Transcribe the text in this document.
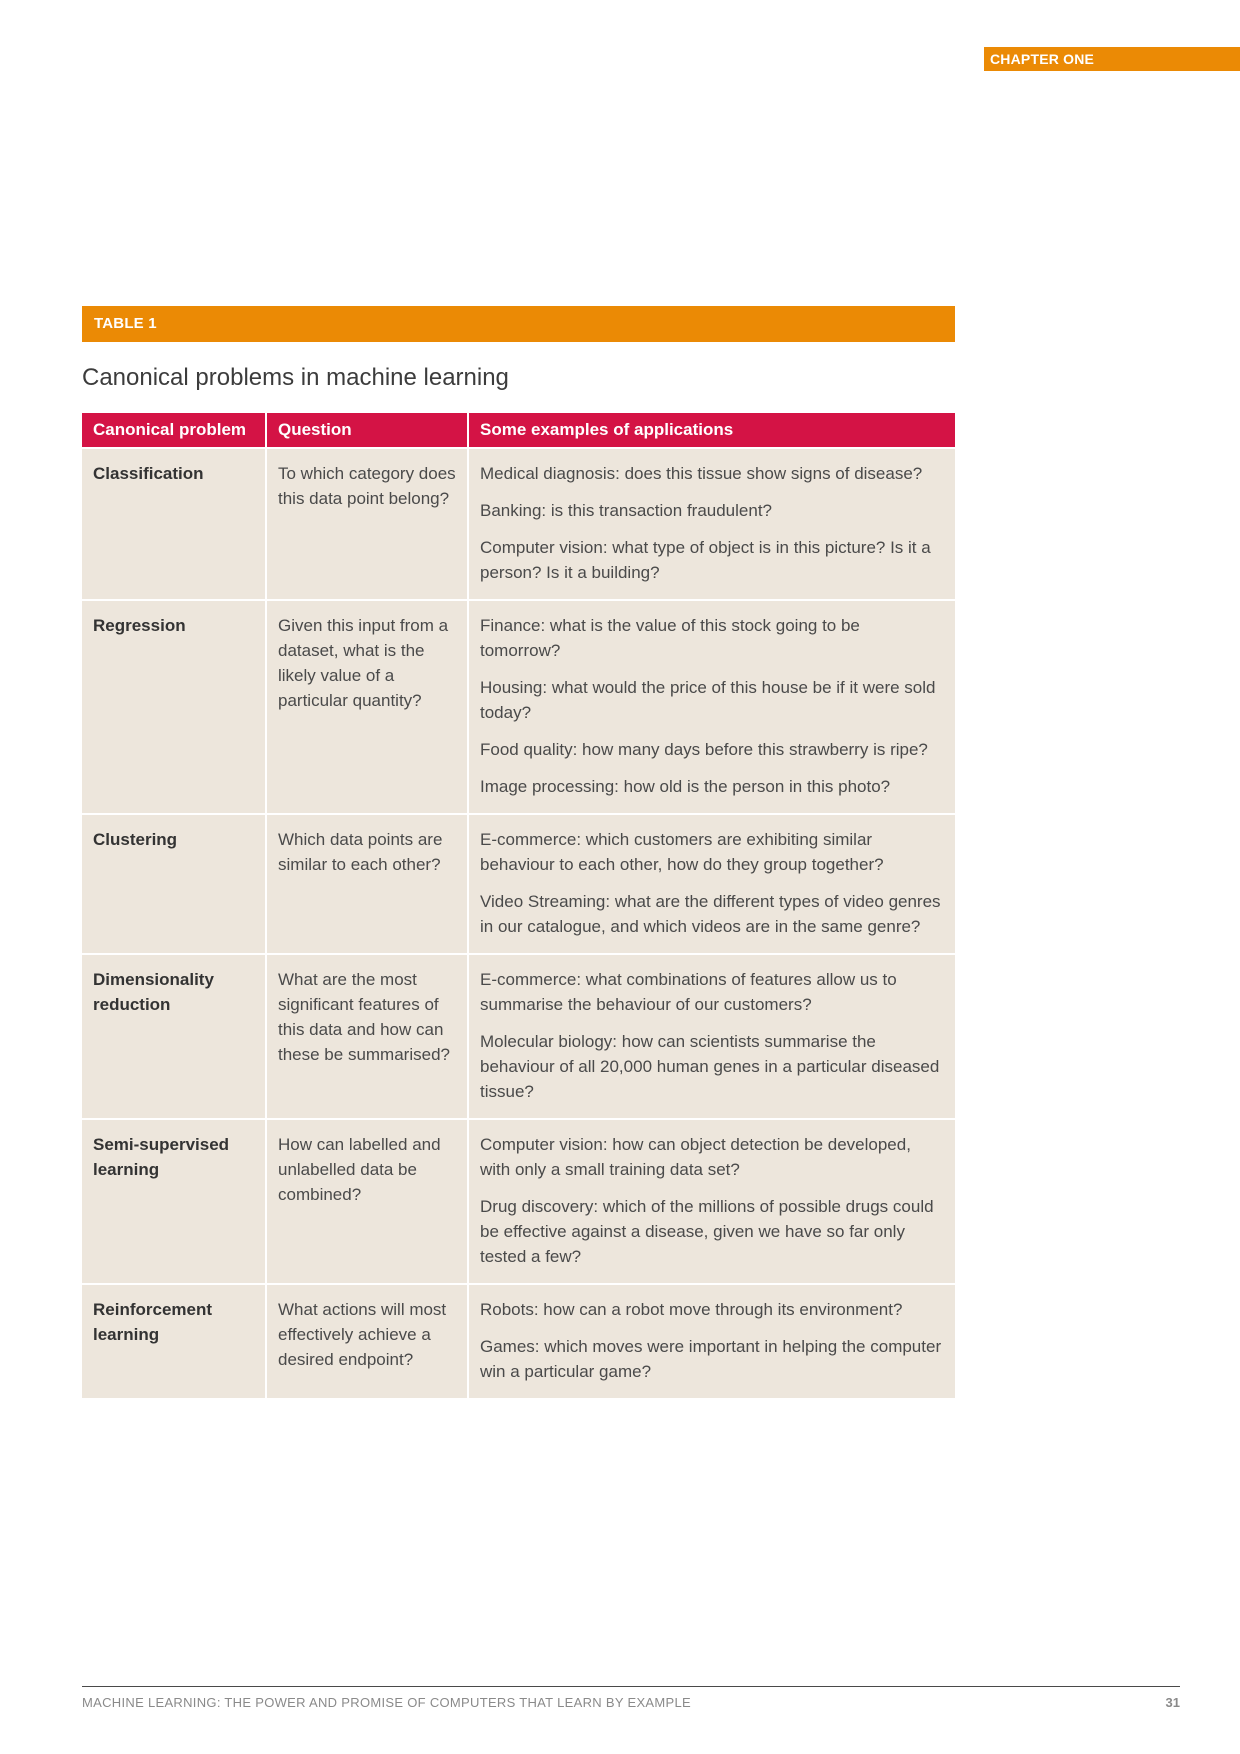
CHAPTER ONE
TABLE 1
Canonical problems in machine learning
Canonical problem	Question	Some examples of applications
Classification	To which category does this data point belong?	Medical diagnosis: does this tissue show signs of disease?
Banking: is this transaction fraudulent?
Computer vision: what type of object is in this picture? Is it a person? Is it a building?

Regression	Given this input from a dataset, what is the likely value of a particular quantity?	Finance: what is the value of this stock going to be tomorrow?
Housing: what would the price of this house be if it were sold today?
Food quality: how many days before this strawberry is ripe?
Image processing: how old is the person in this photo?

Clustering	Which data points are similar to each other?	E-commerce: which customers are exhibiting similar behaviour to each other, how do they group together?
Video Streaming: what are the different types of video genres in our catalogue, and which videos are in the same genre?

Dimensionality reduction	What are the most significant features of this data and how can these be summarised?	E-commerce: what combinations of features allow us to summarise the behaviour of our customers?
Molecular biology: how can scientists summarise the behaviour of all 20,000 human genes in a particular diseased tissue?

Semi-supervised learning	How can labelled and unlabelled data be combined?	Computer vision: how can object detection be developed, with only a small training data set?
Drug discovery: which of the millions of possible drugs could be effective against a disease, given we have so far only tested a few?

Reinforcement learning	What actions will most effectively achieve a desired endpoint?	Robots: how can a robot move through its environment?
Games: which moves were important in helping the computer win a particular game?
MACHINE LEARNING: THE POWER AND PROMISE OF COMPUTERS THAT LEARN BY EXAMPLE	31
